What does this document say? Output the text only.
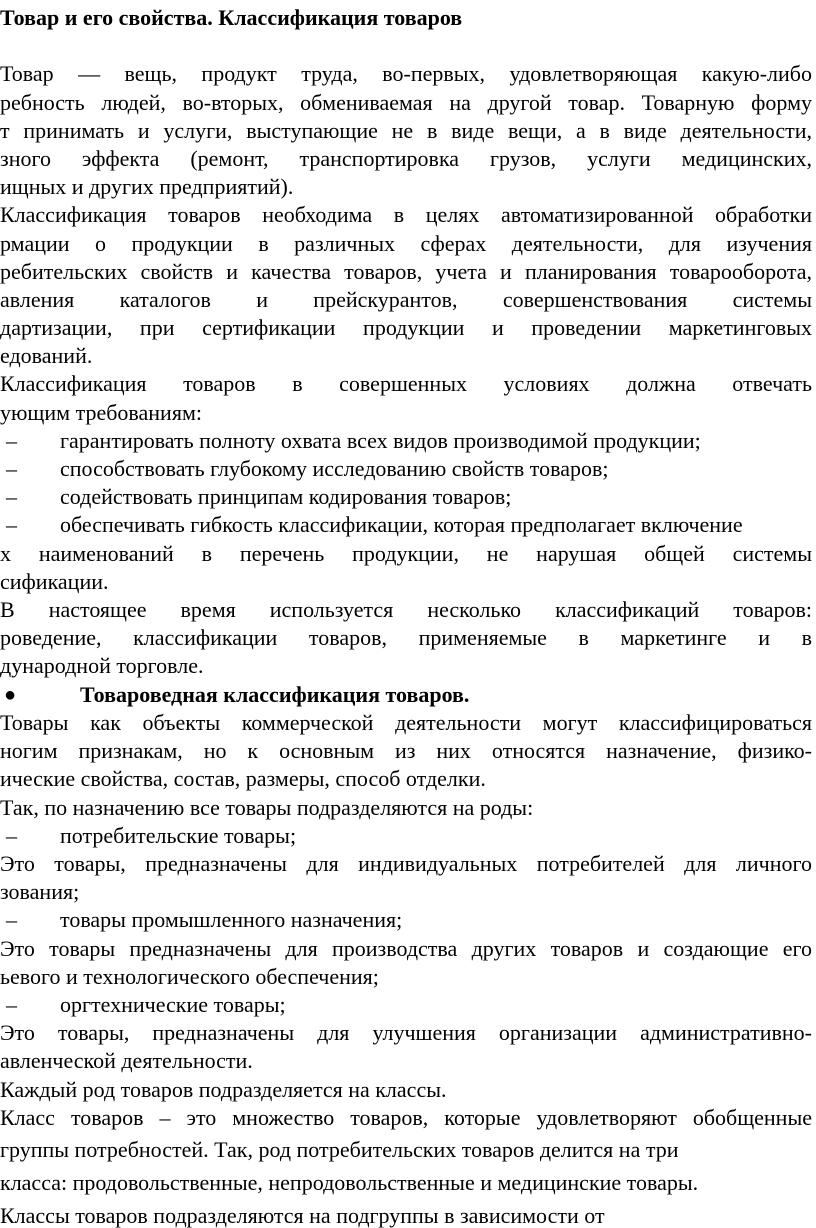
Товар и его свойства. Классификация товаров
Товар — вещь, продукт труда, во-первых, удовлетворяющая какую-либо
ребность людей, во-вторых, обмениваемая на другой товар. Товарную форму
т принимать и услуги, выступающие не в виде вещи, а в виде деятельности,
зного эффекта (ремонт, транспортировка грузов, услуги медицинских,
ищных и других предприятий).
Классификация товаров необходима в целях автоматизированной обработки
рмации о продукции в различных сферах деятельности, для изучения
ребительских свойств и качества товаров, учета и планирования товарооборота,
авления каталогов и прейскурантов, совершенствования системы
дартизации, при сертификации продукции и проведении маркетинговых
едований.
Классификация товаров в совершенных условиях должна отвечать
ующим требованиям:
– гарантировать полноту охвата всех видов производимой продукции;
– способствовать глубокому исследованию свойств товаров;
– содействовать принципам кодирования товаров;
– обеспечивать гибкость классификации, которая предполагает включение
х наименований в перечень продукции, не нарушая общей системы
сификации.
В настоящее время используется несколько классификаций товаров:
роведение, классификации товаров, применяемые в маркетинге и в
дународной торговле.
●	Товароведная классификация товаров.
Товары как объекты коммерческой деятельности могут классифицироваться
ногим признакам, но к основным из них относятся назначение, физико-
ические свойства, состав, размеры, способ отделки.
Так, по назначению все товары подразделяются на роды:
– потребительские товары;
Это товары, предназначены для индивидуальных потребителей для личного
зования;
– товары промышленного назначения;
Это товары предназначены для производства других товаров и создающие его
ьевого и технологического обеспечения;
– оргтехнические товары;
Это товары, предназначены для улучшения организации административно-
авленческой деятельности.
Каждый род товаров подразделяется на классы.
Класс товаров – это множество товаров, которые удовлетворяют обобщенные
группы потребностей. Так, род потребительских товаров делится на три
класса: продовольственные, непродовольственные и медицинские товары.
Классы товаров подразделяются на подгруппы в зависимости от
